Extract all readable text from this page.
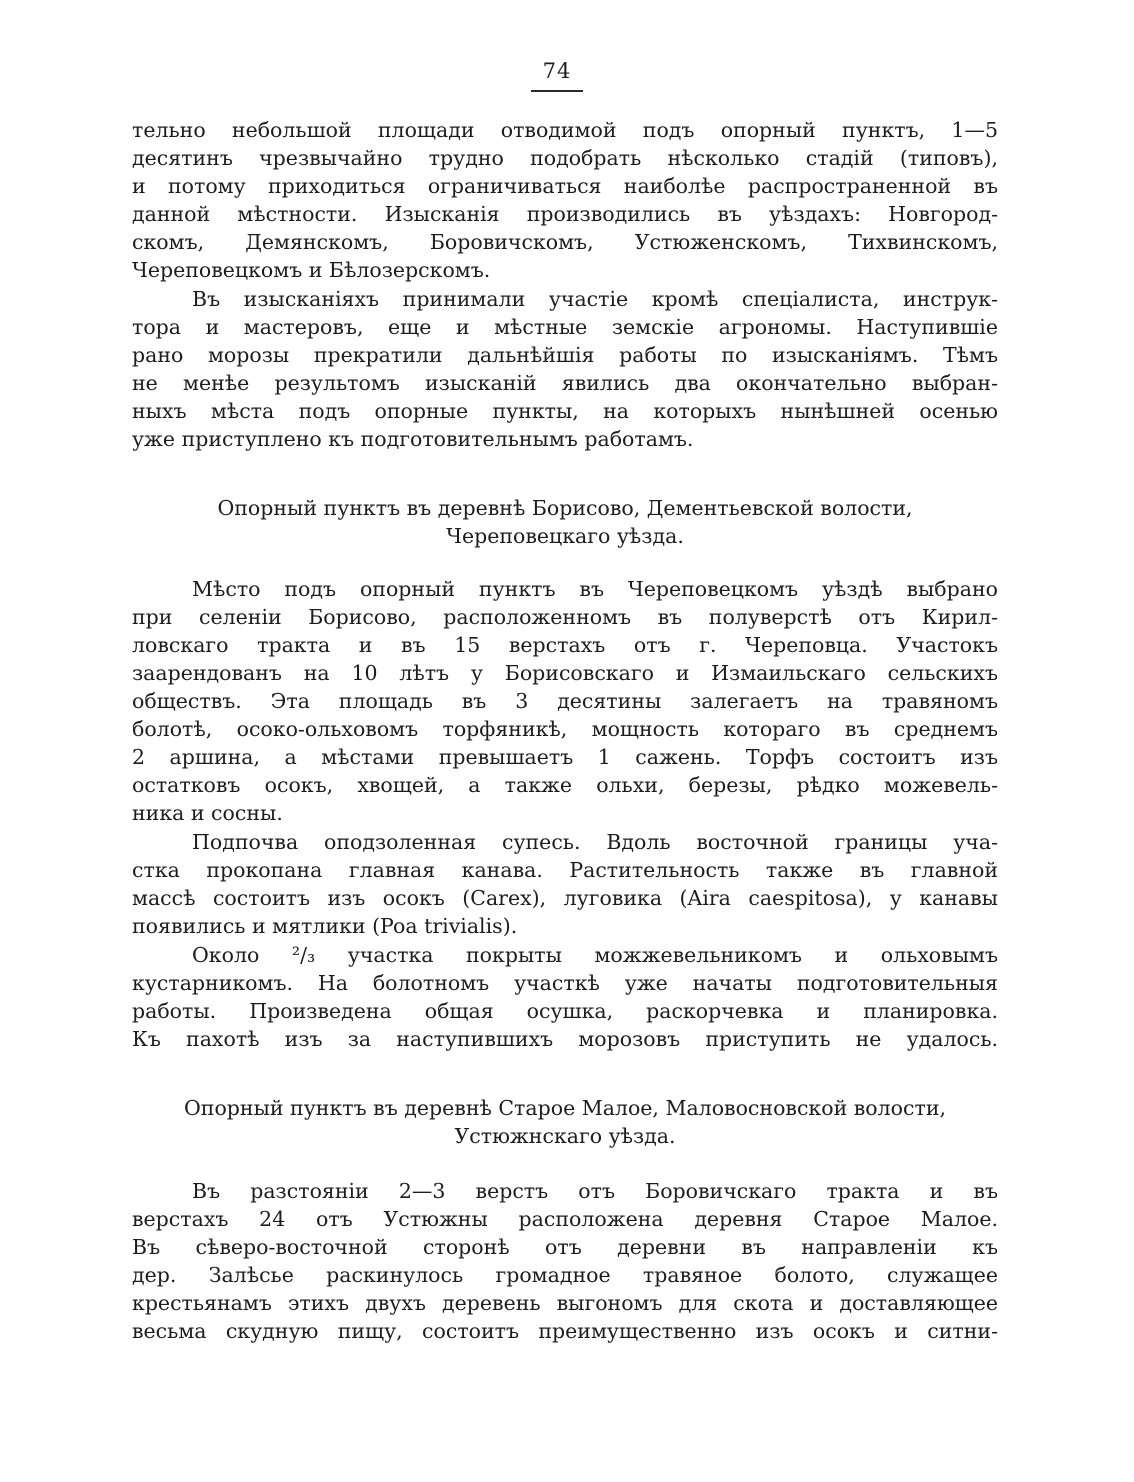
74
тельно небольшой площади отводимой подъ опорный пунктъ, 1—5
десятинъ чрезвычайно трудно подобрать нѣсколько стадій (типовъ),
и потому приходиться ограничиваться наиболѣе распространенной въ
данной мѣстности. Изысканія производились въ уѣздахъ: Новгород-
скомъ, Демянскомъ, Боровичскомъ, Устюженскомъ, Тихвинскомъ,
Череповецкомъ и Бѣлозерскомъ.
Въ изысканіяхъ принимали участіе кромѣ спеціалиста, инструк-
тора и мастеровъ, еще и мѣстные земскіе агрономы. Наступившіе
рано морозы прекратили дальнѣйшія работы по изысканіямъ. Тѣмъ
не менѣе результомъ изысканій явились два окончательно выбран-
ныхъ мѣста подъ опорные пункты, на которыхъ нынѣшней осенью
уже приступлено къ подготовительнымъ работамъ.
Опорный пунктъ въ деревнѣ Борисово, Дементьевской волости,
Череповецкаго уѣзда.
Мѣсто подъ опорный пунктъ въ Череповецкомъ уѣздѣ выбрано
при селеніи Борисово, расположенномъ въ полуверстѣ отъ Кирил-
ловскаго тракта и въ 15 верстахъ отъ г. Череповца. Участокъ
заарендованъ на 10 лѣтъ у Борисовскаго и Измаильскаго сельскихъ
обществъ. Эта площадь въ 3 десятины залегаетъ на травяномъ
болотѣ, осоко-ольховомъ торфяникѣ, мощность котораго въ среднемъ
2 аршина, а мѣстами превышаетъ 1 сажень. Торфъ состоитъ изъ
остатковъ осокъ, хвощей, а также ольхи, березы, рѣдко можевель-
ника и сосны.
Подпочва оподзоленная супесь. Вдоль восточной границы уча-
стка прокопана главная канава. Растительность также въ главной
массѣ состоитъ изъ осокъ (Carex), луговика (Aira caespitosa), у канавы
появились и мятлики (Poa trivialis).
Около ²/₃ участка покрыты можжевельникомъ и ольховымъ
кустарникомъ. На болотномъ участкѣ уже начаты подготовительныя
работы. Произведена общая осушка, раскорчевка и планировка.
Къ пахотѣ изъ за наступившихъ морозовъ приступить не удалось.
Опорный пунктъ въ деревнѣ Старое Малое, Маловосновской волости,
Устюжнскаго уѣзда.
Въ разстояніи 2—3 верстъ отъ Боровичскаго тракта и въ
верстахъ 24 отъ Устюжны расположена деревня Старое Малое.
Въ сѣверо-восточной сторонѣ отъ деревни въ направленіи къ
дер. Залѣсье раскинулось громадное травяное болото, служащее
крестьянамъ этихъ двухъ деревень выгономъ для скота и доставляющее
весьма скудную пищу, состоитъ преимущественно изъ осокъ и ситни-
